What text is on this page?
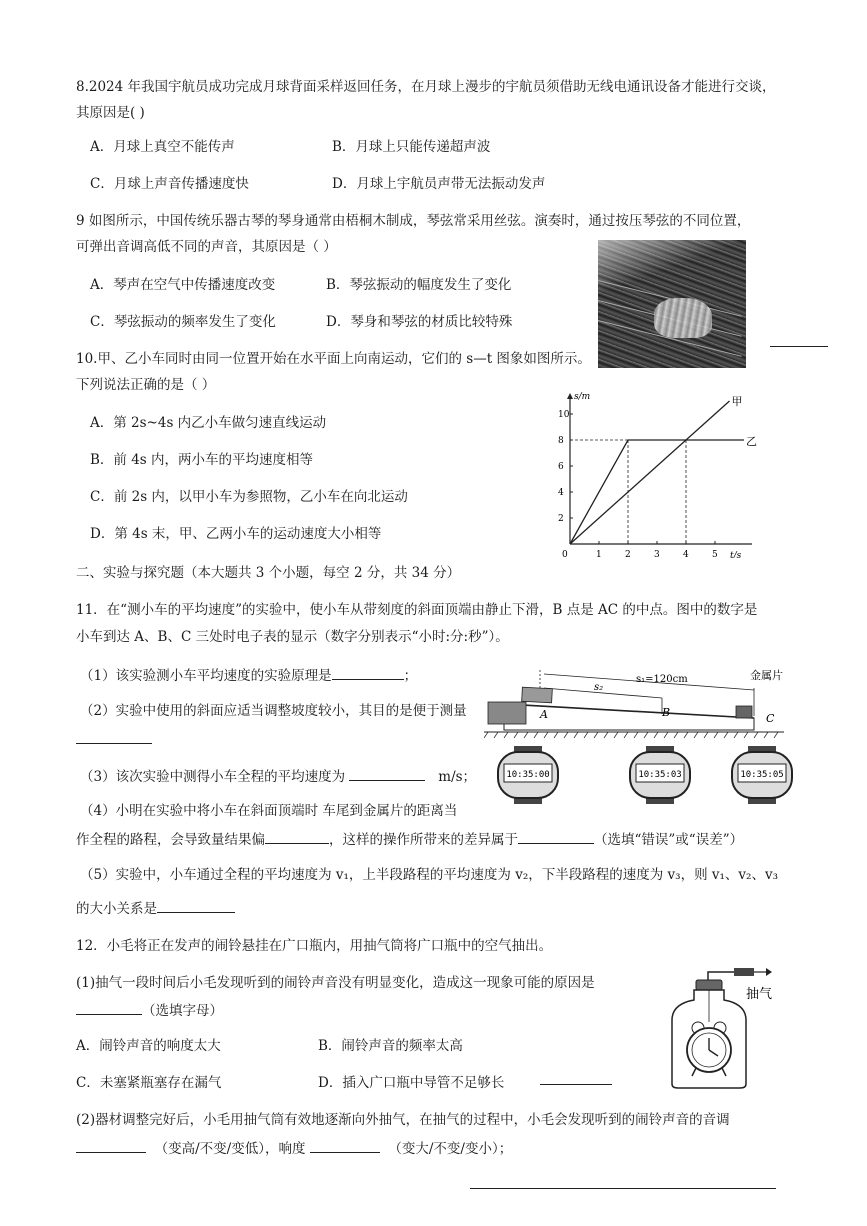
8.2024 年我国宇航员成功完成月球背面采样返回任务，在月球上漫步的宇航员须借助无线电通讯设备才能进行交谈，
其原因是( )
A．月球上真空不能传声	B．月球上只能传递超声波
C．月球上声音传播速度快	D．月球上宇航员声带无法振动发声
9 如图所示，中国传统乐器古琴的琴身通常由梧桐木制成，琴弦常采用丝弦。演奏时，通过按压琴弦的不同位置，
可弹出音调高低不同的声音，其原因是（ ）
A．琴声在空气中传播速度改变	B．琴弦振动的幅度发生了变化
C．琴弦振动的频率发生了变化	D．琴身和琴弦的材质比较特殊
10.甲、乙小车同时由同一位置开始在水平面上向南运动，它们的 s—t 图象如图所示。
下列说法正确的是（ ）
A．第 2s~4s 内乙小车做匀速直线运动
B．前 4s 内，两小车的平均速度相等
C．前 2s 内，以甲小车为参照物，乙小车在向北运动
D．第 4s 末，甲、乙两小车的运动速度大小相等
s/m
t/s
0	1	2	3	4	5
2
4
6
8
10
甲
乙
二、实验与探究题（本大题共 3 个小题，每空 2 分，共 34 分）
11．在“测小车的平均速度”的实验中，使小车从带刻度的斜面顶端由静止下滑，B 点是 AC 的中点。图中的数字是
小车到达 A、B、C 三处时电子表的显示（数字分别表示“小时:分:秒”）。
（1）该实验测小车平均速度的实验原理是	；
（2）实验中使用的斜面应适当调整坡度较小，其目的是便于测量
（3）该次实验中测得小车全程的平均速度为	m/s；
（4）小明在实验中将小车在斜面顶端时 车尾到金属片的距离当
作全程的路程，会导致量结果偏	，这样的操作所带来的差异属于	（选填“错误”或“误差”）
（5）实验中，小车通过全程的平均速度为 v₁，上半段路程的平均速度为 v₂，下半段路程的速度为 v₃，则 v₁、v₂、v₃
的大小关系是
金属片
s₁=120cm
s₂
A	B	C
10:35:00	10:35:03	10:35:05
12．小毛将正在发声的闹铃悬挂在广口瓶内，用抽气筒将广口瓶中的空气抽出。
(1)抽气一段时间后小毛发现听到的闹铃声音没有明显变化，造成这一现象可能的原因是
（选填字母）
A．闹铃声音的响度太大	B．闹铃声音的频率太高
C．未塞紧瓶塞存在漏气	D．插入广口瓶中导管不足够长
(2)器材调整完好后，小毛用抽气筒有效地逐渐向外抽气，在抽气的过程中，小毛会发现听到的闹铃声音的音调
（变高/不变/变低），响度	（变大/不变/变小）；
抽气
